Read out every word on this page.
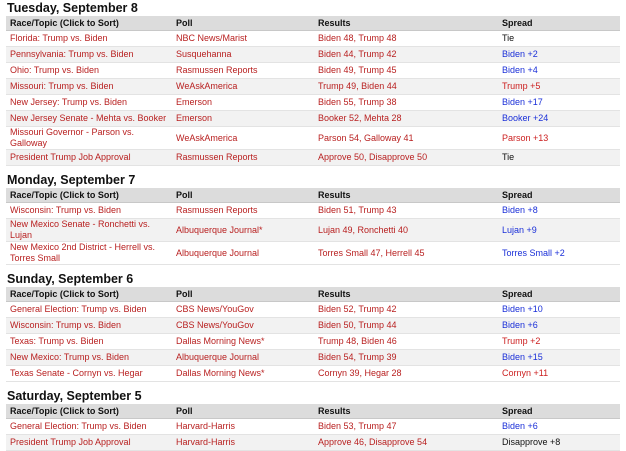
Tuesday, September 8
Race/Topic (Click to Sort)	Poll	Results	Spread
Florida: Trump vs. Biden	NBC News/Marist	Biden 48, Trump 48	Tie
Pennsylvania: Trump vs. Biden	Susquehanna	Biden 44, Trump 42	Biden +2
Ohio: Trump vs. Biden	Rasmussen Reports	Biden 49, Trump 45	Biden +4
Missouri: Trump vs. Biden	WeAskAmerica	Trump 49, Biden 44	Trump +5
New Jersey: Trump vs. Biden	Emerson	Biden 55, Trump 38	Biden +17
New Jersey Senate - Mehta vs. Booker	Emerson	Booker 52, Mehta 28	Booker +24
Missouri Governor - Parson vs. Galloway	WeAskAmerica	Parson 54, Galloway 41	Parson +13
President Trump Job Approval	Rasmussen Reports	Approve 50, Disapprove 50	Tie
Monday, September 7
Race/Topic (Click to Sort)	Poll	Results	Spread
Wisconsin: Trump vs. Biden	Rasmussen Reports	Biden 51, Trump 43	Biden +8
New Mexico Senate - Ronchetti vs. Lujan	Albuquerque Journal*	Lujan 49, Ronchetti 40	Lujan +9
New Mexico 2nd District - Herrell vs. Torres Small	Albuquerque Journal	Torres Small 47, Herrell 45	Torres Small +2
Sunday, September 6
Race/Topic (Click to Sort)	Poll	Results	Spread
General Election: Trump vs. Biden	CBS News/YouGov	Biden 52, Trump 42	Biden +10
Wisconsin: Trump vs. Biden	CBS News/YouGov	Biden 50, Trump 44	Biden +6
Texas: Trump vs. Biden	Dallas Morning News*	Trump 48, Biden 46	Trump +2
New Mexico: Trump vs. Biden	Albuquerque Journal	Biden 54, Trump 39	Biden +15
Texas Senate - Cornyn vs. Hegar	Dallas Morning News*	Cornyn 39, Hegar 28	Cornyn +11
Saturday, September 5
Race/Topic (Click to Sort)	Poll	Results	Spread
General Election: Trump vs. Biden	Harvard-Harris	Biden 53, Trump 47	Biden +6
President Trump Job Approval	Harvard-Harris	Approve 46, Disapprove 54	Disapprove +8
